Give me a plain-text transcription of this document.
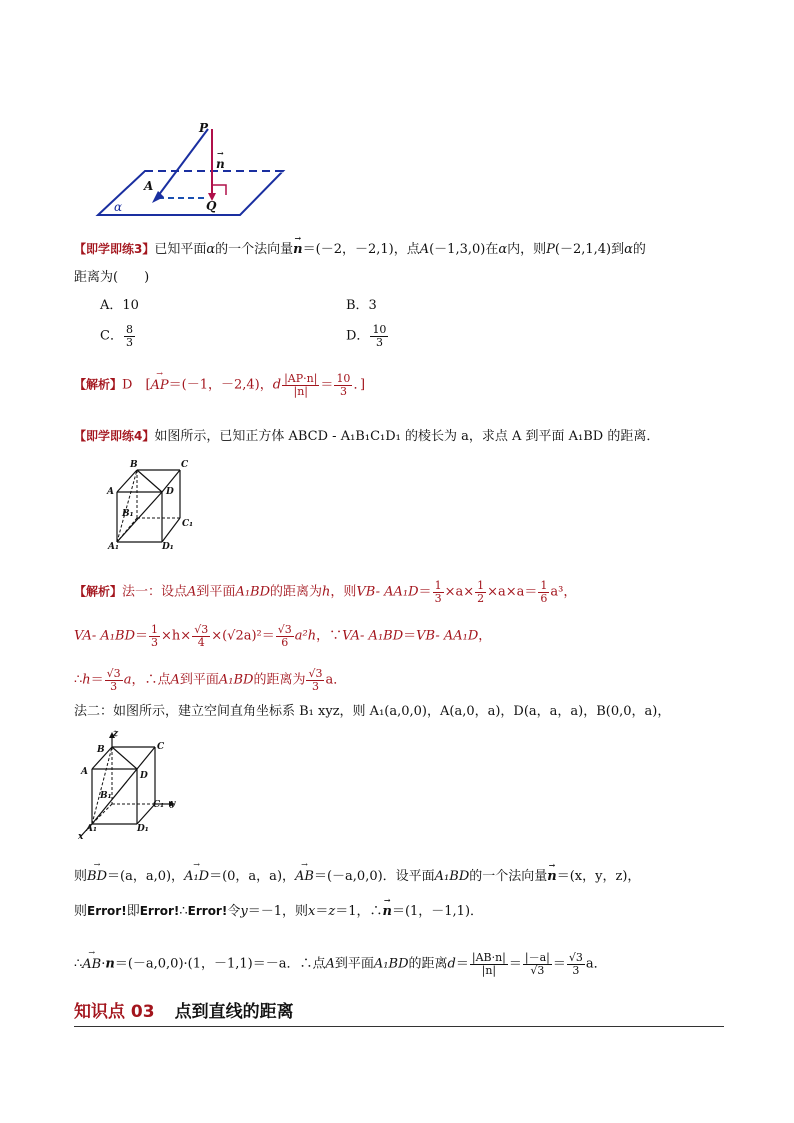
P
→ n
A
Q
α
【即学即练3】已知平面α的一个法向量→ n＝(－2，－2,1)，点A(－1,3,0)在α内，则P(－2,1,4)到α的
距离为(　　)
A．10	B．3
C． $\frac{8}{3}$	D． $\frac{10}{3}$
【解析】D　[→ AP＝(－1，－2,4)，d $\frac{|AP\cdot n|}{|n|} = \frac{10}{3}$ ．]
【即学即练4】如图所示，已知正方体 ABCD - A₁B₁C₁D₁ 的棱长为 a，求点 A 到平面 A₁BD 的距离．
B	C
A	D
B₁
C₁
A₁	D₁
【解析】法一：设点A到平面A₁BD的距离为h，则VB- $AA_1D= \frac{1}{3} \times a\times \frac{1}{2} \times a\times a= \frac{1}{6} a^3$，
VA- $A_1BD= \frac{1}{3} \times h\times \frac{√3}{4} \times(√2a)^2= \frac{√3}{6} a^2h$，∵VA- A₁BD＝VB- AA₁D，
∴h＝ $\frac{√3}{3}$ a，∴点A到平面A₁BD的距离为 $\frac{√3}{3}$ a．
法二：如图所示，建立空间直角坐标系 B₁ xyz，则 A₁(a,0,0)，A(a,0，a)，D(a，a，a)，B(0,0，a)，
z
B	C
A	D
B₁
C₁ y
x
A₁	D₁
则→ BD＝(a，a,0)，→ A₁D＝(0，a，a)，→ AB＝(－a,0,0)．设平面A₁BD的一个法向量→ n＝(x，y，z)，
则Error!即Error!∴Error!令y＝－1，则x＝z＝1，∴→ n＝(1，－1,1)．
∴→ AB·n＝(－a,0,0)·(1，－1,1)＝－a．∴点A到平面A₁BD的距离$d= \frac{|AB\cdot n|}{|n|} = \frac{|-a|}{√3} = \frac{√3}{3}$ a．
知识点 03 点到直线的距离
